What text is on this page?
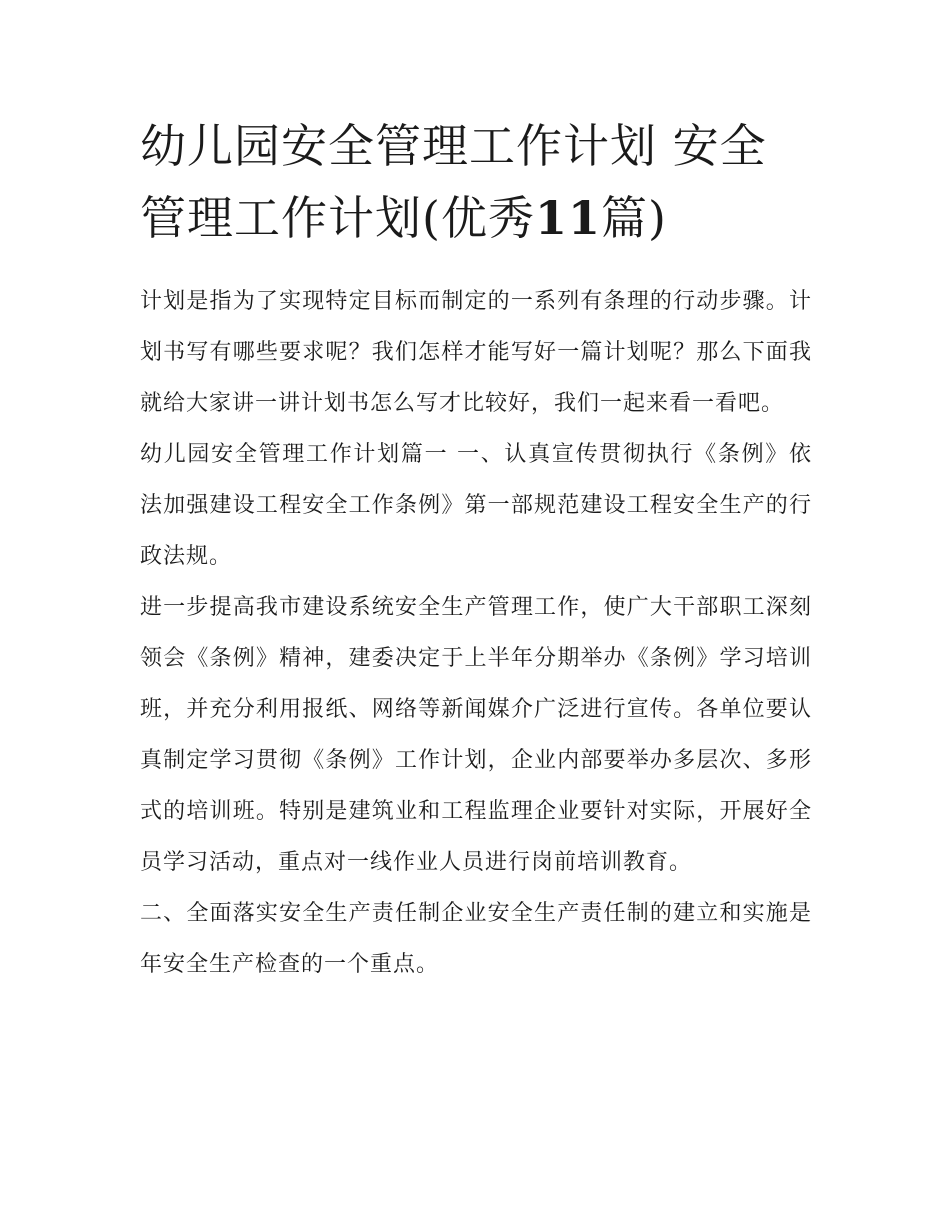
幼儿园安全管理工作计划 安全管理工作计划(优秀11篇)

计划是指为了实现特定目标而制定的一系列有条理的行动步骤。计划书写有哪些要求呢？我们怎样才能写好一篇计划呢？那么下面我就给大家讲一讲计划书怎么写才比较好，我们一起来看一看吧。

幼儿园安全管理工作计划篇一 一、认真宣传贯彻执行《条例》依法加强建设工程安全工作条例》第一部规范建设工程安全生产的行政法规。

进一步提高我市建设系统安全生产管理工作，使广大干部职工深刻领会《条例》精神，建委决定于上半年分期举办《条例》学习培训班，并充分利用报纸、网络等新闻媒介广泛进行宣传。各单位要认真制定学习贯彻《条例》工作计划，企业内部要举办多层次、多形式的培训班。特别是建筑业和工程监理企业要针对实际，开展好全员学习活动，重点对一线作业人员进行岗前培训教育。

二、全面落实安全生产责任制企业安全生产责任制的建立和实施是年安全生产检查的一个重点。
